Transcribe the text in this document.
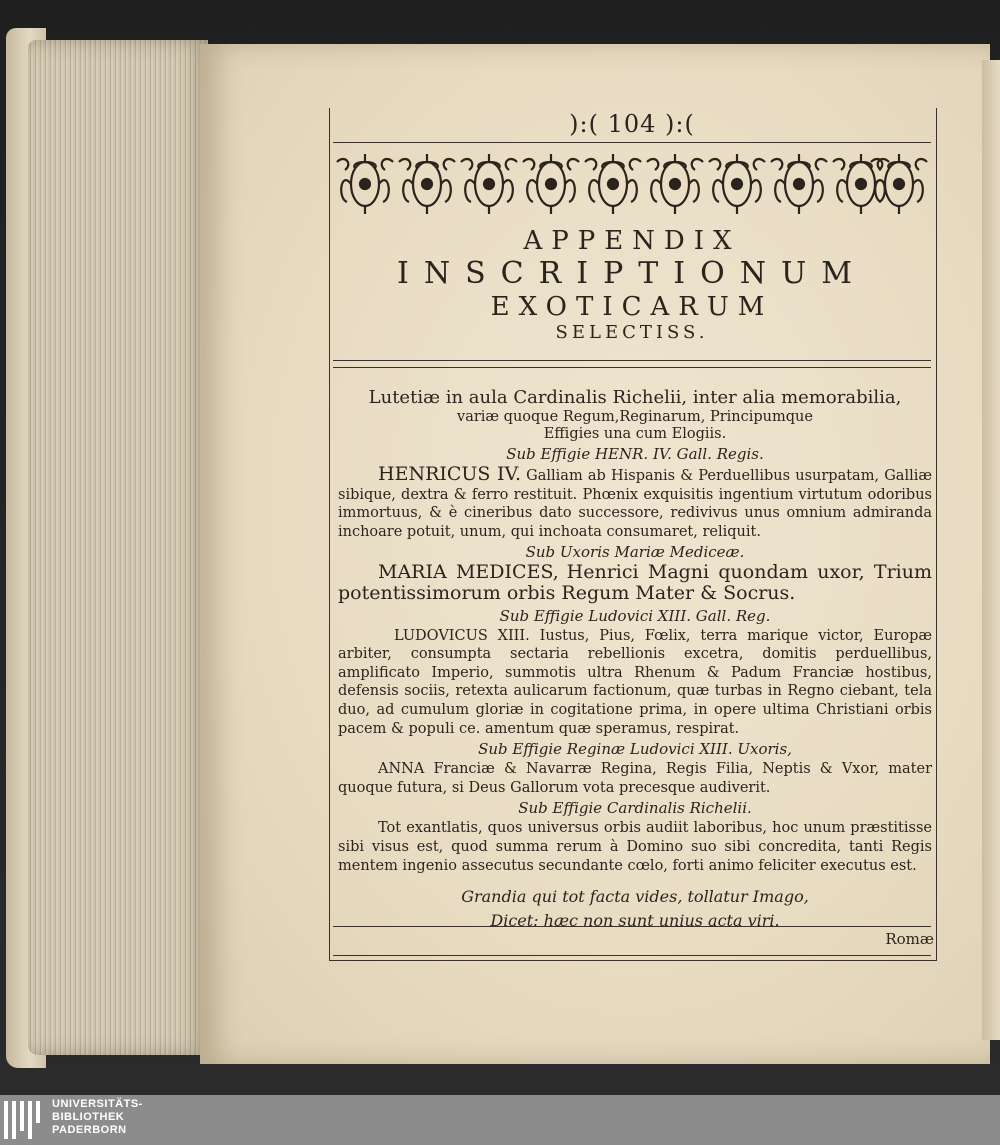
):( 104 ):(
APPENDIX
INSCRIPTIONUM
EXOTICARUM
SELECTISS.
Lutetiæ in aula Cardinalis Richelii, inter alia memorabilia,
variæ quoque Regum,Reginarum, Principumque
Effigies una cum Elogiis.
Sub Effigie HENR. IV. Gall. Regis.

HENRICUS IV. Galliam ab Hispanis & Perduellibus usurpatam, Galliæ sibique, dextra & ferro restituit. Phœnix exquisitis ingentium virtutum odoribus immortuus, & è cineribus dato successore, redivivus unus omnium admiranda inchoare potuit, unum, qui inchoata consumaret, reliquit.

Sub Uxoris Mariæ Mediceæ.

MARIA MEDICES, Henrici Magni quondam uxor, Trium potentissimorum orbis Regum Mater & Socrus.

Sub Effigie Ludovici XIII. Gall. Reg.

LUDOVICUS XIII. Iustus, Pius, Fœlix, terra marique victor, Europæ arbiter, consumpta sectaria rebellionis excetra, domitis perduellibus, amplificato Imperio, summotis ultra Rhenum & Padum Franciæ hostibus, defensis sociis, retexta aulicarum factionum, quæ turbas in Regno ciebant, tela duo, ad cumulum gloriæ in cogitatione prima, in opere ultima Christiani orbis pacem & populi ce. amentum quæ speramus, respirat.

Sub Effigie Reginæ Ludovici XIII. Uxoris,

ANNA Franciæ & Navarræ Regina, Regis Filia, Neptis & Vxor, mater quoque futura, si Deus Gallorum vota precesque audiverit.

Sub Effigie Cardinalis Richelii.

Tot exantlatis, quos universus orbis audiit laboribus, hoc unum præstitisse sibi visus est, quod summa rerum à Domino suo sibi concredita, tanti Regis mentem ingenio assecutus secundante cœlo, forti animo feliciter executus est.

Grandia qui tot facta vides, tollatur Imago,
Dicet: hæc non sunt unius acta viri.
Romæ
UNIVERSITÄTS-
BIBLIOTHEK
PADERBORN
